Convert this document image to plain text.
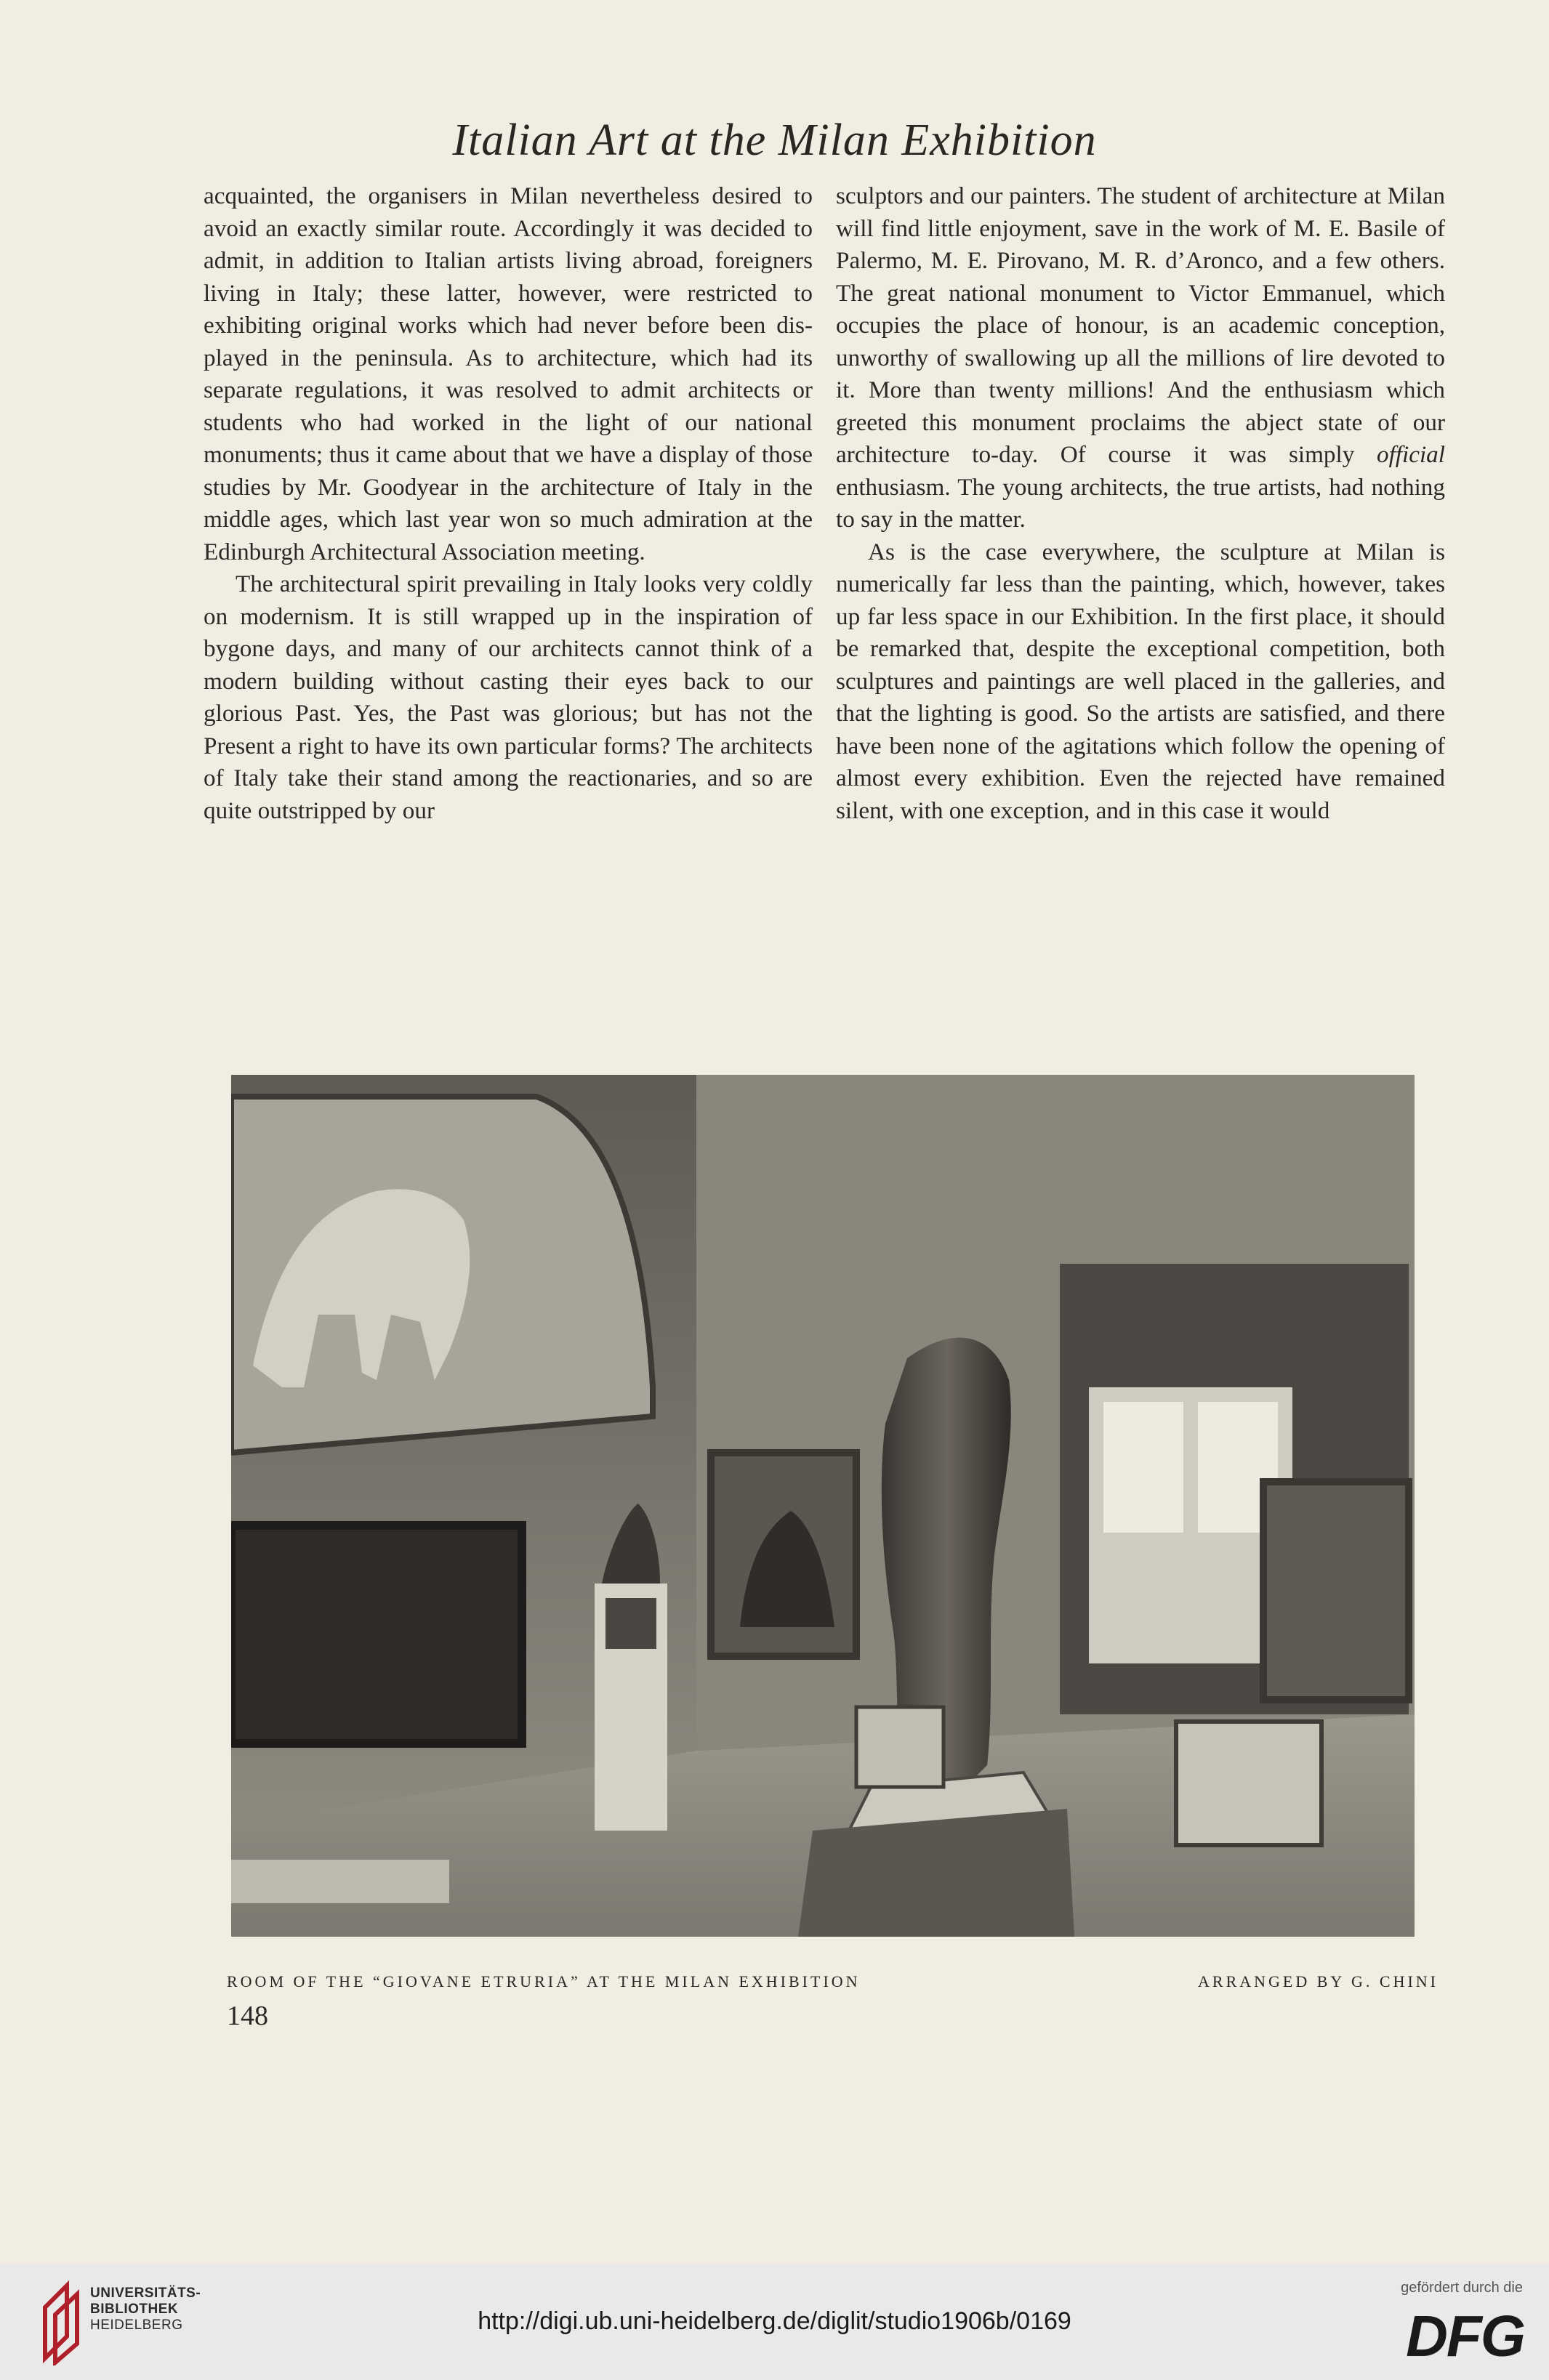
Italian Art at the Milan Exhibition

acquainted, the organisers in Milan nevertheless desired to avoid an exactly similar route. Accordingly it was decided to admit, in addition to Italian artists living abroad, foreigners living in Italy; these latter, however, were restricted to exhibiting original works which had never before been displayed in the peninsula. As to architecture, which had its separate regulations, it was resolved to admit architects or students who had worked in the light of our national monuments; thus it came about that we have a display of those studies by Mr. Goodyear in the architecture of Italy in the middle ages, which last year won so much admiration at the Edinburgh Architectural Association meeting.

The architectural spirit prevailing in Italy looks very coldly on modernism. It is still wrapped up in the inspiration of bygone days, and many of our architects cannot think of a modern building without casting their eyes back to our glorious Past. Yes, the Past was glorious; but has not the Present a right to have its own particular forms? The architects of Italy take their stand among the reactionaries, and so are quite outstripped by our

sculptors and our painters. The student of architecture at Milan will find little enjoyment, save in the work of M. E. Basile of Palermo, M. E. Pirovano, M. R. d’Aronco, and a few others. The great national monument to Victor Emmanuel, which occupies the place of honour, is an academic conception, unworthy of swallowing up all the millions of lire devoted to it. More than twenty millions! And the enthusiasm which greeted this monument proclaims the abject state of our architecture to-day. Of course it was simply official enthusiasm. The young architects, the true artists, had nothing to say in the matter.

As is the case everywhere, the sculpture at Milan is numerically far less than the painting, which, however, takes up far less space in our Exhibition. In the first place, it should be remarked that, despite the exceptional competition, both sculptures and paintings are well placed in the galleries, and that the lighting is good. So the artists are satisfied, and there have been none of the agitations which follow the opening of almost every exhibition. Even the rejected have remained silent, with one exception, and in this case it would

ROOM OF THE “GIOVANE ETRURIA” AT THE MILAN EXHIBITION	ARRANGED BY G. CHINI
148
UNIVERSITÄTS-
BIBLIOTHEK
HEIDELBERG	http://digi.ub.uni-heidelberg.de/diglit/studio1906b/0169
gefördert durch die
DFG
